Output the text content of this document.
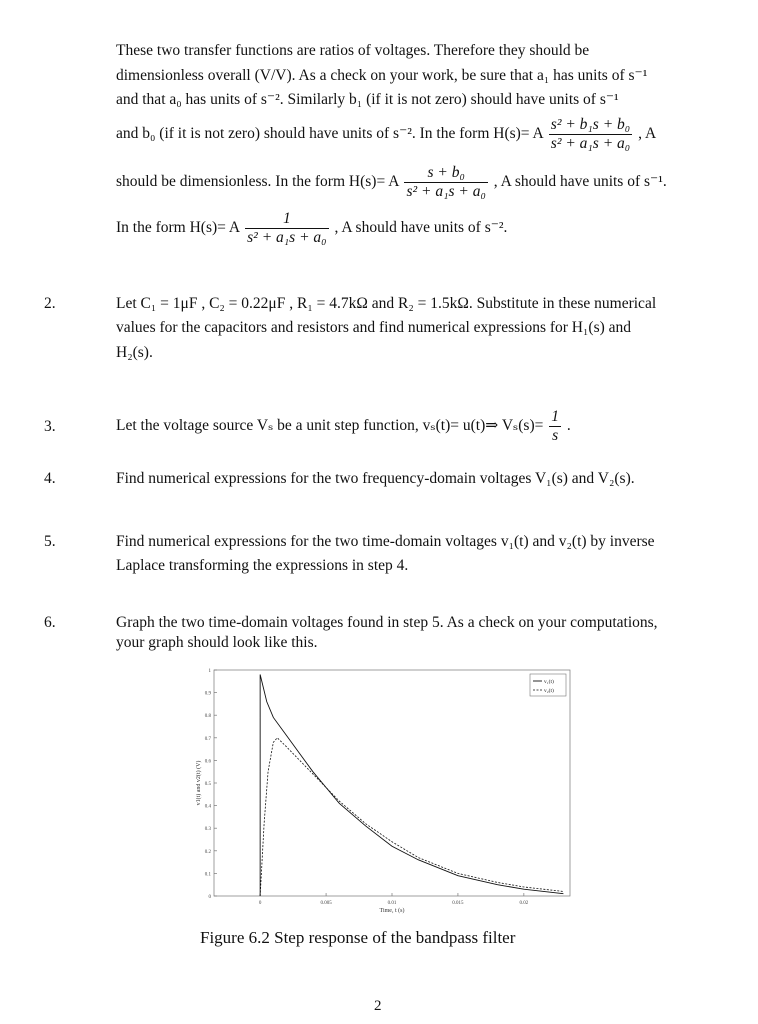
These two transfer functions are ratios of voltages. Therefore they should be
dimensionless overall (V/V). As a check on your work, be sure that a₁ has units of s⁻¹
and that a₀ has units of s⁻². Similarly b₁ (if it is not zero) should have units of s⁻¹
and b₀ (if it is not zero) should have units of s⁻². In the form H(s)= A $\frac{\text{s² + b₁s + b₀}}{\text{s² + a₁s + a₀}}$ , A
should be dimensionless. In the form H(s)= A $\frac{\text{s + b₀}}{\text{s² + a₁s + a₀}}$ , A should have units of s⁻¹.
In the form H(s)= A $\frac{1}{\text{s² + a₁s + a₀}}$ , A should have units of s⁻².
2.	Let C₁ = 1μF , C₂ = 0.22μF , R₁ = 4.7kΩ and R₂ = 1.5kΩ. Substitute in these numerical
values for the capacitors and resistors and find numerical expressions for H₁(s) and
H₂(s).
3.	Let the voltage source Vₛ be a unit step function, vₛ(t)= u(t)⇒ $V_s(s)= \frac{1}{s}$ .
4.	Find numerical expressions for the two frequency-domain voltages V₁(s) and V₂(s).
5.	Find numerical expressions for the two time-domain voltages v₁(t) and v₂(t) by inverse
Laplace transforming the expressions in step 4.
6.	Graph the two time-domain voltages found in step 5. As a check on your computations,
your graph should look like this.
0
0.1
0.2
0.3
0.4
0.5
0.6
0.7
0.8
0.9
1
0	0.005	0.01	0.015	0.02
Time, t (s)
v1(t) and v2(t) (V)
v₁(t)
v₂(t)
Figure 6.2 Step response of the bandpass filter
2
